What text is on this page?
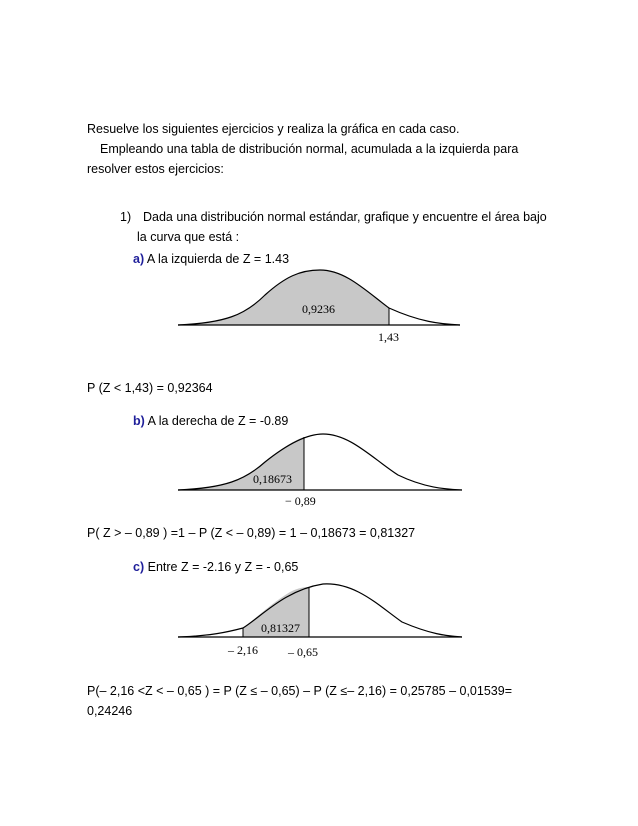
Resuelve los siguientes ejercicios y realiza la gráfica en cada caso.
Empleando una tabla de distribución normal, acumulada a la izquierda para
resolver estos ejercicios:
1) Dada una distribución normal estándar, grafique y encuentre el área bajo
la curva que está :
a) A la izquierda de Z = 1.43
b) A la derecha de Z = -0.89
c) Entre Z = -2.16 y Z = - 0,65
P (Z < 1,43) = 0,92364
P( Z > – 0,89 ) =1 – P (Z < – 0,89) = 1 – 0,18673 = 0,81327
P(– 2,16 <Z < – 0,65 ) = P (Z ≤ – 0,65) – P (Z ≤– 2,16) = 0,25785 – 0,01539=
0,24246
0,9236
1,43
0,18673
− 0,89
0,81327
– 2,16	– 0,65
